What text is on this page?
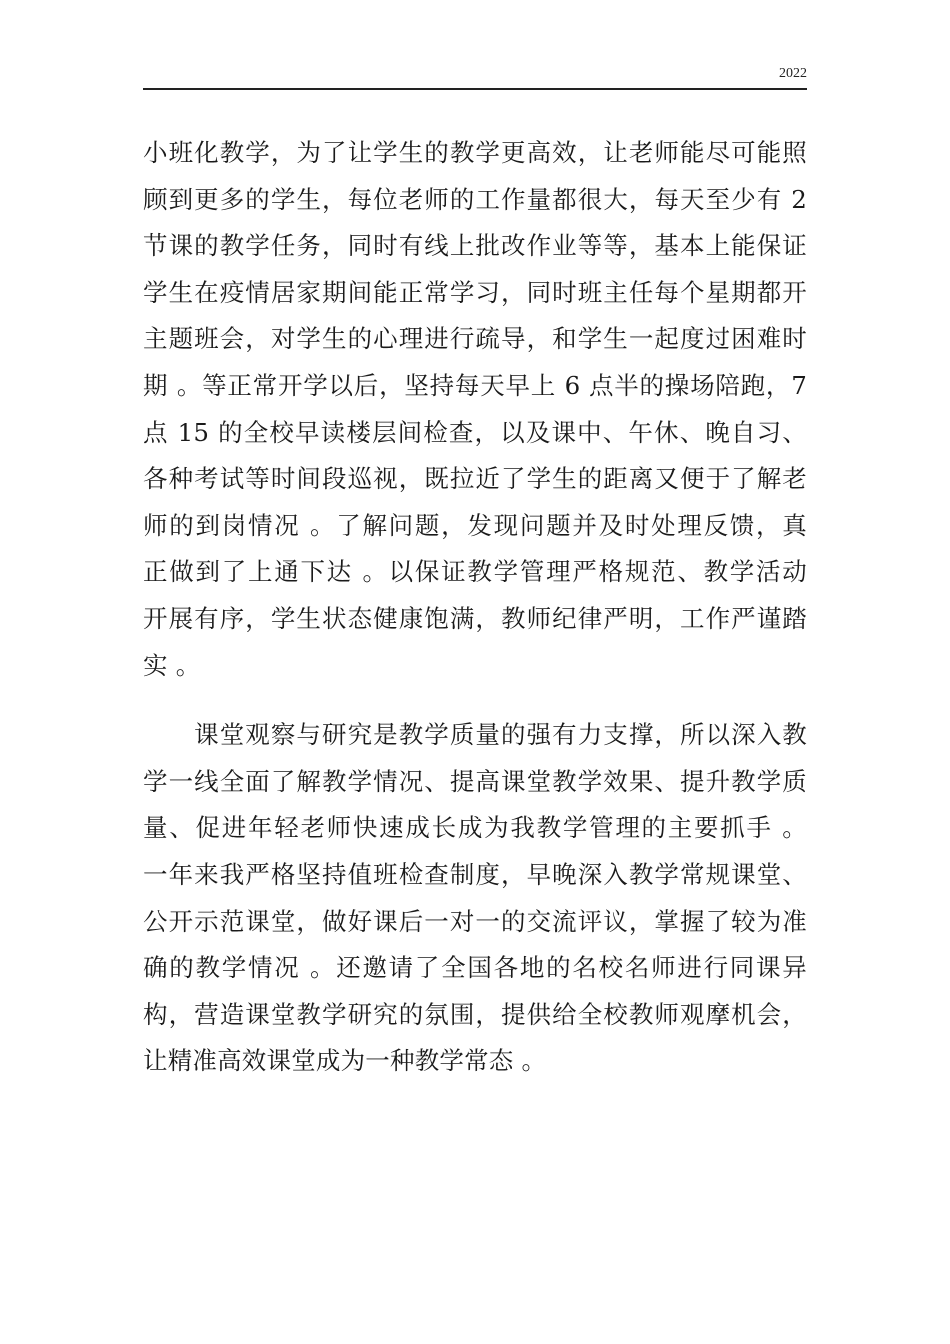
2022
小班化教学，为了让学生的教学更高效，让老师能尽可能照
顾到更多的学生，每位老师的工作量都很大，每天至少有 2
节课的教学任务，同时有线上批改作业等等，基本上能保证
学生在疫情居家期间能正常学习，同时班主任每个星期都开
主题班会，对学生的心理进行疏导，和学生一起度过困难时
期 。等正常开学以后，坚持每天早上 6 点半的操场陪跑，7
点 15 的全校早读楼层间检查，以及课中、午休、晚自习、
各种考试等时间段巡视，既拉近了学生的距离又便于了解老
师的到岗情况 。了解问题，发现问题并及时处理反馈，真
正做到了上通下达 。以保证教学管理严格规范、教学活动
开展有序，学生状态健康饱满，教师纪律严明，工作严谨踏
实 。
　　课堂观察与研究是教学质量的强有力支撑，所以深入教
学一线全面了解教学情况、提高课堂教学效果、提升教学质
量、促进年轻老师快速成长成为我教学管理的主要抓手 。
一年来我严格坚持值班检查制度，早晚深入教学常规课堂、
公开示范课堂，做好课后一对一的交流评议，掌握了较为准
确的教学情况 。还邀请了全国各地的名校名师进行同课异
构，营造课堂教学研究的氛围，提供给全校教师观摩机会，
让精准高效课堂成为一种教学常态 。
